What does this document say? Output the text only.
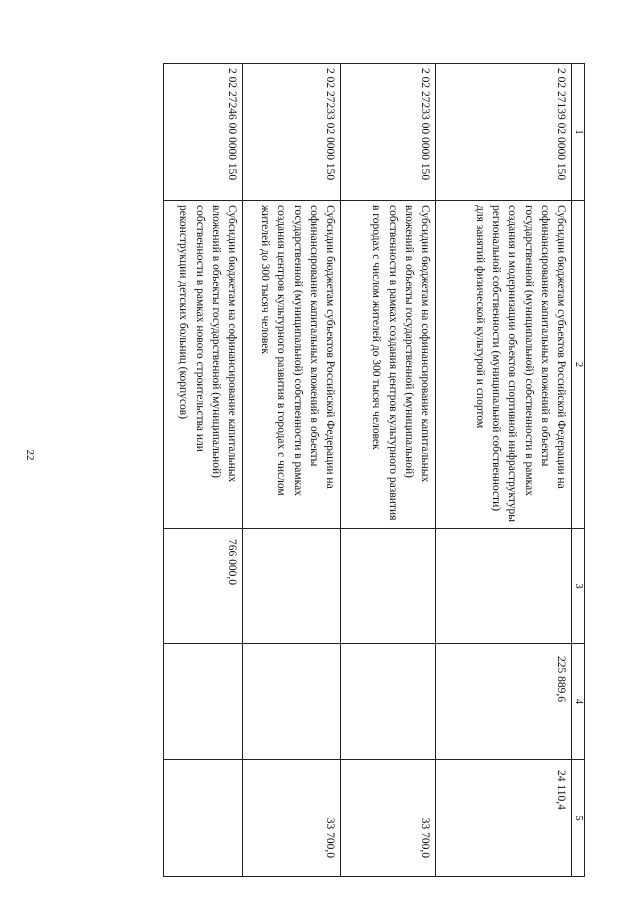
22
1	2	3	4	5
2 02 27139 02 0000 150	Субсидии бюджетам субъектов Российской Федерации на софинансирование капитальных вложений в объекты государственной (муниципальной) собственности в рамках создания и модернизации объектов спортивной инфраструктуры региональной собственности (муниципальной собственности) для занятий физической культурой и спортом		225 889,6	24 110,4
2 02 27233 00 0000 150	Субсидии бюджетам на софинансирование капитальных вложений в объекты государственной (муниципальной) собственности в рамках создания центров культурного развития в городах с числом жителей до 300 тысяч человек			33 700,0
2 02 27233 02 0000 150	Субсидии бюджетам субъектов Российской Федерации на софинансирование капитальных вложений в объекты государственной (муниципальной) собственности в рамках создания центров культурного развития в городах с числом жителей до 300 тысяч человек			33 700,0
2 02 27246 00 0000 150	Субсидии бюджетам на софинансирование капитальных вложений в объекты государственной (муниципальной) собственности в рамках нового строительства или реконструкции детских больниц (корпусов)	766 000,0		
